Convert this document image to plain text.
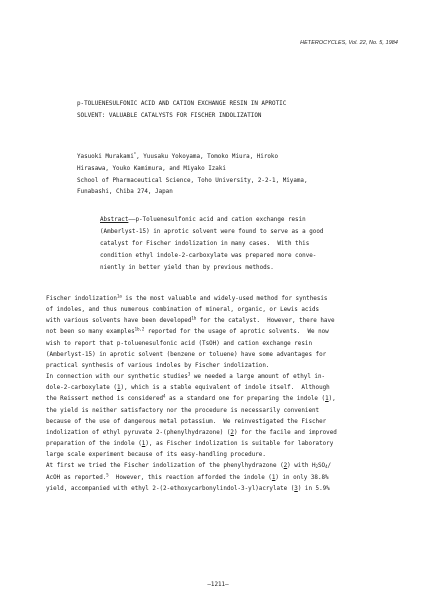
HETEROCYCLES, Vol. 22, No. 5, 1984
p-TOLUENESULFONIC ACID AND CATION EXCHANGE RESIN IN APROTIC
SOLVENT: VALUABLE CATALYSTS FOR FISCHER INDOLIZATION
Yasuoki Murakami*, Yuusaku Yokoyama, Tomoko Miura, Hiroko
Hirasawa, Youko Kamimura, and Miyako Izaki
School of Pharmaceutical Science, Toho University, 2-2-1, Miyama,
Funabashi, Chiba 274, Japan
Abstract——p-Toluenesulfonic acid and cation exchange resin
(Amberlyst-15) in aprotic solvent were found to serve as a good
catalyst for Fischer indolization in many cases.  With this
condition ethyl indole-2-carboxylate was prepared more conve-
niently in better yield than by previous methods.
Fischer indolization$^{1a}$ is the most valuable and widely-used method for synthesis
of indoles, and thus numerous combination of mineral, organic, or Lewis acids
with various solvents have been developed$^{1b}$ for the catalyst.  However, there have
not been so many examples$^{1b,2}$ reported for the usage of aprotic solvents.  We now
wish to report that p-toluenesulfonic acid (TsOH) and cation exchange resin
(Amberlyst-15) in aprotic solvent (benzene or toluene) have some advantages for
practical synthesis of various indoles by Fischer indolization.
In connection with our synthetic studies$^3$ we needed a large amount of ethyl in-
dole-2-carboxylate (1), which is a stable equivalent of indole itself.  Although
the Reissert method is considered$^4$ as a standard one for preparing the indole (1),
the yield is neither satisfactory nor the procedure is necessarily convenient
because of the use of dangerous metal potassium.  We reinvestigated the Fischer
indolization of ethyl pyruvate 2-(phenylhydrazone) (2) for the facile and improved
preparation of the indole (1), as Fischer indolization is suitable for laboratory
large scale experiment because of its easy-handling procedure.
At first we tried the Fischer indolization of the phenylhydrazone (2) with $H_2SO_4/$
AcOH as reported.$^5$  However, this reaction afforded the indole (1) in only 38.8%
yield, accompanied with ethyl 2-(2-ethoxycarbonylindol-3-yl)acrylate (3) in 5.9%
—1211—
